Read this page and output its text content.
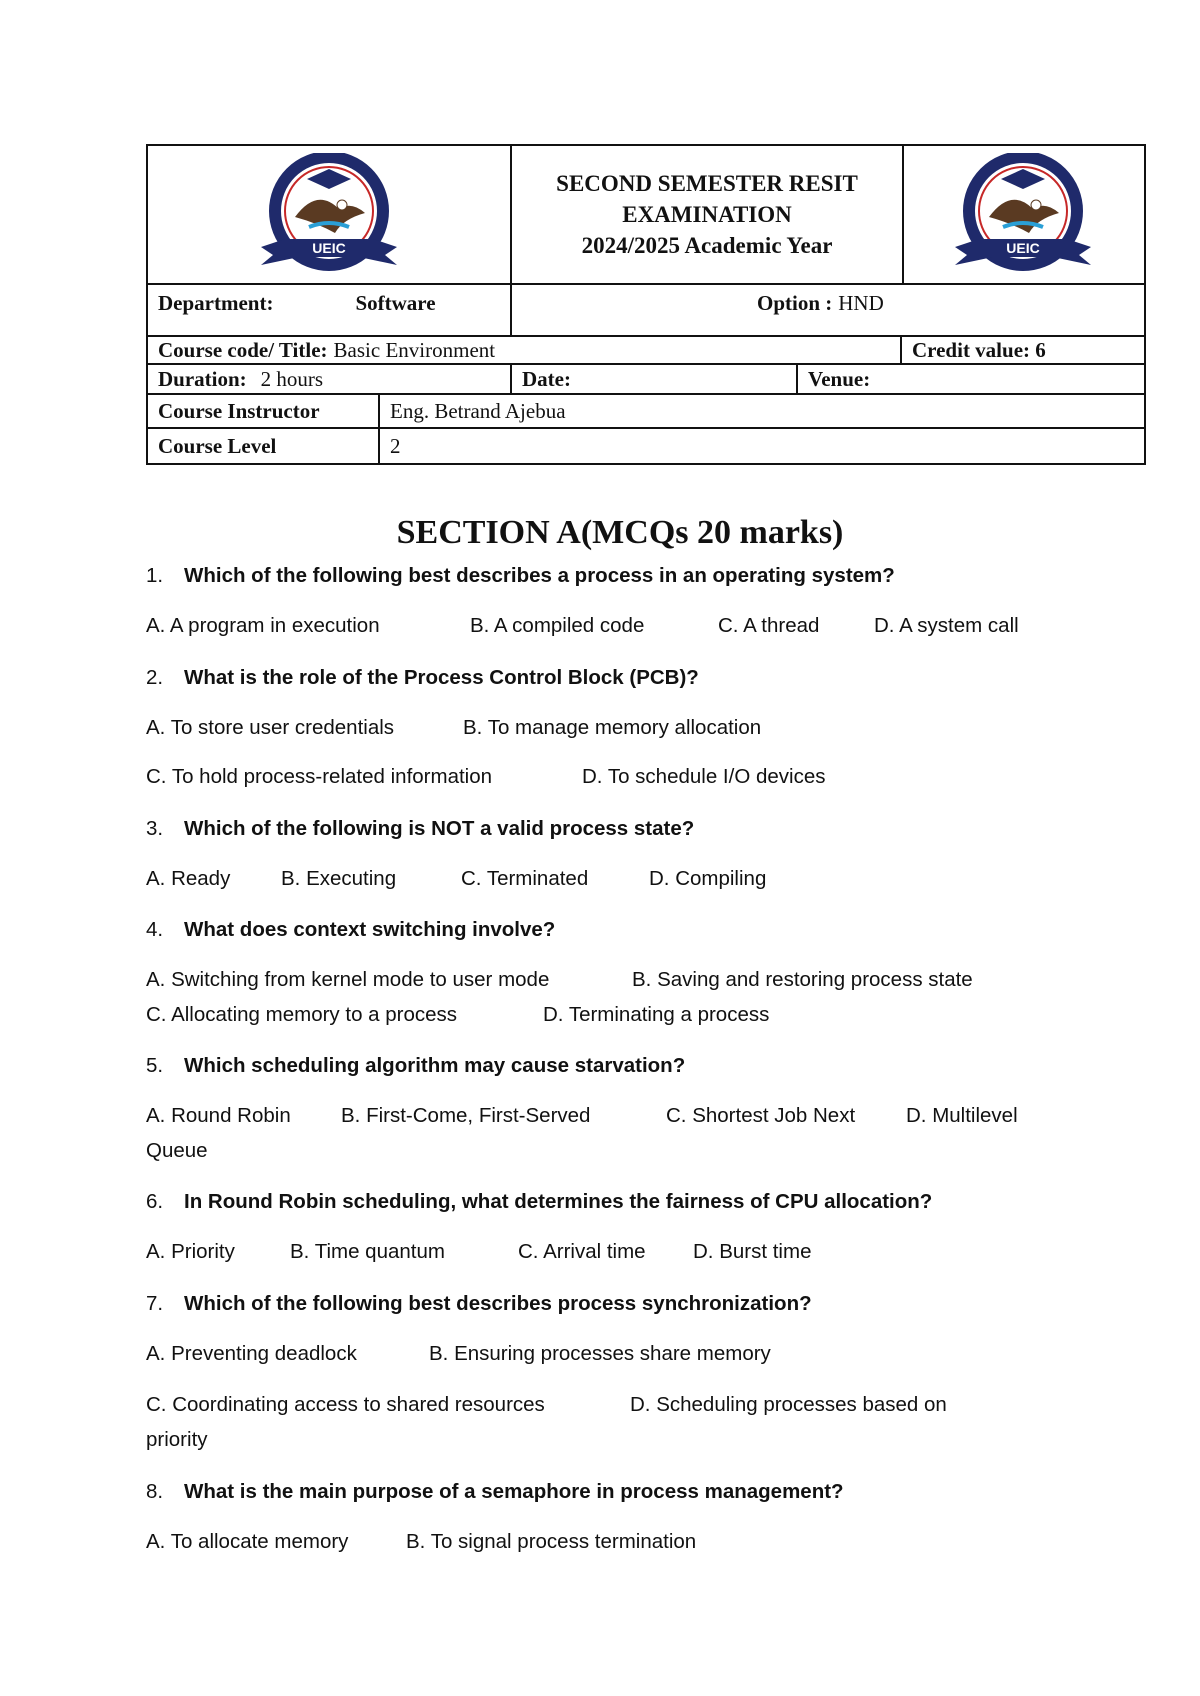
UEIC
SECOND SEMESTER RESIT
EXAMINATION
2024/2025 Academic Year	UEIC
Department:	Software	Option : HND
Course code/ Title: Basic Environment	Credit value: 6
Duration: 2 hours	Date:	Venue:
Course Instructor	Eng. Betrand Ajebua
Course Level	2
SECTION A(MCQs 20 marks)
1. Which of the following best describes a process in an operating system?
A. A program in execution	B. A compiled code	C. A thread	D. A system call
2. What is the role of the Process Control Block (PCB)?
A. To store user credentials	B. To manage memory allocation
C. To hold process-related information	D. To schedule I/O devices
3. Which of the following is NOT a valid process state?
A. Ready B. Executing	C. Terminated	D. Compiling
4. What does context switching involve?
A. Switching from kernel mode to user mode	B. Saving and restoring process state
C. Allocating memory to a process	D. Terminating a process
5. Which scheduling algorithm may cause starvation?
A. Round Robin B. First-Come, First-Served	C. Shortest Job Next D. Multilevel
Queue
6. In Round Robin scheduling, what determines the fairness of CPU allocation?
A. Priority	B. Time quantum	C. Arrival time D. Burst time
7. Which of the following best describes process synchronization?
A. Preventing deadlock	B. Ensuring processes share memory
C. Coordinating access to shared resources	D. Scheduling processes based on
priority
8. What is the main purpose of a semaphore in process management?
A. To allocate memory	B. To signal process termination
